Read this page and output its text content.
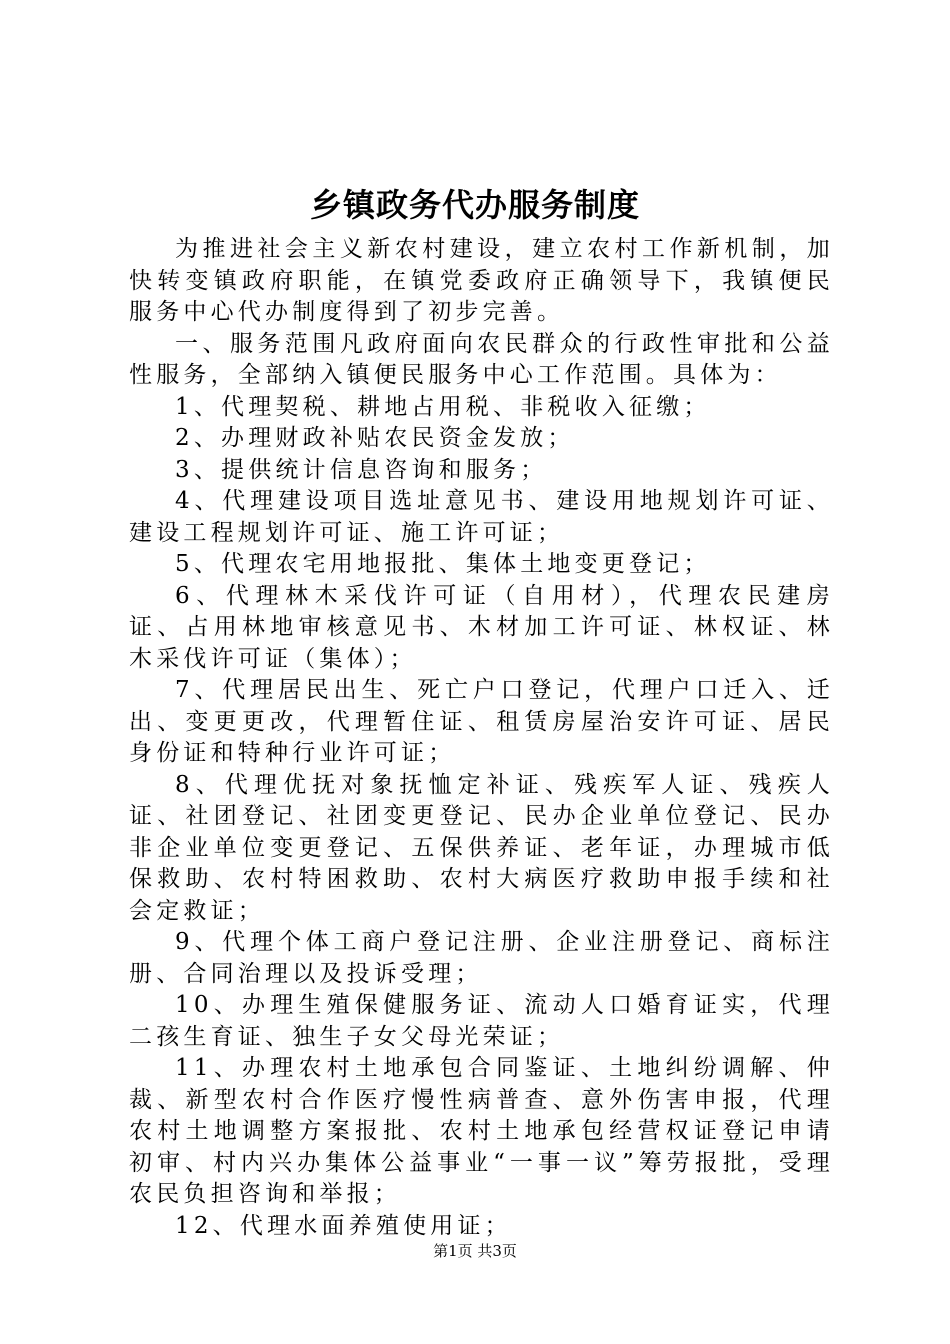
乡镇政务代办服务制度

为推进社会主义新农村建设，建立农村工作新机制，加快转变镇政府职能，在镇党委政府正确领导下，我镇便民服务中心代办制度得到了初步完善。

一、服务范围凡政府面向农民群众的行政性审批和公益性服务，全部纳入镇便民服务中心工作范围。具体为：

1、代理契税、耕地占用税、非税收入征缴；

2、办理财政补贴农民资金发放；

3、提供统计信息咨询和服务；

4、代理建设项目选址意见书、建设用地规划许可证、建设工程规划许可证、施工许可证；

5、代理农宅用地报批、集体土地变更登记；

6、代理林木采伐许可证（自用材），代理农民建房证、占用林地审核意见书、木材加工许可证、林权证、林木采伐许可证（集体）；

7、代理居民出生、死亡户口登记，代理户口迁入、迁出、变更更改，代理暂住证、租赁房屋治安许可证、居民身份证和特种行业许可证；

8、代理优抚对象抚恤定补证、残疾军人证、残疾人证、社团登记、社团变更登记、民办企业单位登记、民办非企业单位变更登记、五保供养证、老年证，办理城市低保救助、农村特困救助、农村大病医疗救助申报手续和社会定救证；

9、代理个体工商户登记注册、企业注册登记、商标注册、合同治理以及投诉受理；

10、办理生殖保健服务证、流动人口婚育证实，代理二孩生育证、独生子女父母光荣证；

11、办理农村土地承包合同鉴证、土地纠纷调解、仲裁、新型农村合作医疗慢性病普查、意外伤害申报，代理农村土地调整方案报批、农村土地承包经营权证登记申请初审、村内兴办集体公益事业“一事一议”筹劳报批，受理农民负担咨询和举报；

12、代理水面养殖使用证；

第1页 共3页
